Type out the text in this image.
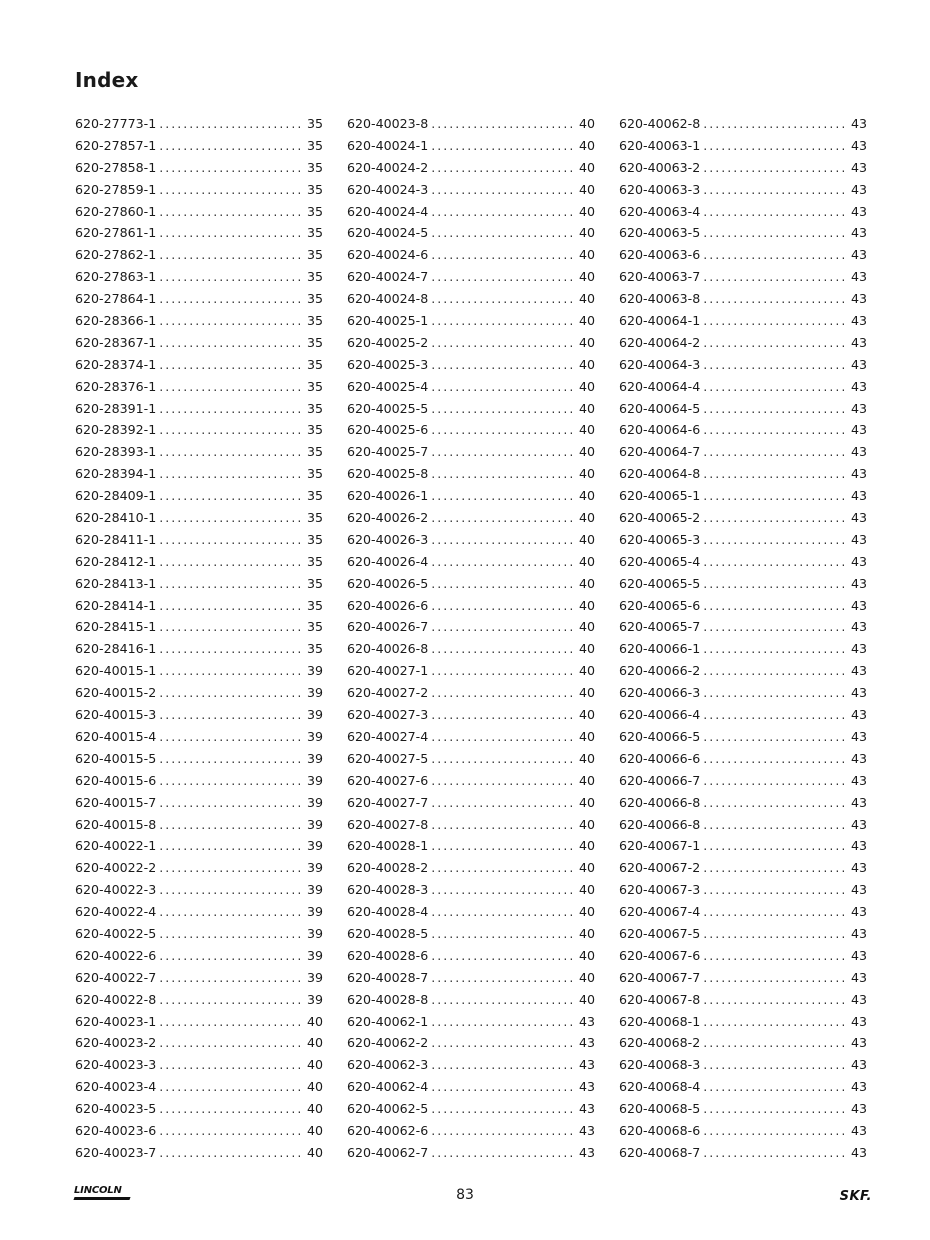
Index
620-27773-1 . . .	35
620-27857-1 . . .	35
620-27858-1 . . .	35
620-27859-1 . . .	35
620-27860-1 . . .	35
620-27861-1 . . .	35
620-27862-1 . . .	35
620-27863-1 . . .	35
620-27864-1 . . .	35
620-28366-1 . . .	35
620-28367-1 . . .	35
620-28374-1 . . .	35
620-28376-1 . . .	35
620-28391-1 . . .	35
620-28392-1 . . .	35
620-28393-1 . . .	35
620-28394-1 . . .	35
620-28409-1 . . .	35
620-28410-1 . . .	35
620-28411-1 . . .	35
620-28412-1 . . .	35
620-28413-1 . . .	35
620-28414-1 . . .	35
620-28415-1 . . .	35
620-28416-1 . . .	35
620-40015-1 . . .	39
620-40015-2 . . .	39
620-40015-3 . . .	39
620-40015-4 . . .	39
620-40015-5 . . .	39
620-40015-6 . . .	39
620-40015-7 . . .	39
620-40015-8 . . .	39
620-40022-1 . . .	39
620-40022-2 . . .	39
620-40022-3 . . .	39
620-40022-4 . . .	39
620-40022-5 . . .	39
620-40022-6 . . .	39
620-40022-7 . . .	39
620-40022-8 . . .	39
620-40023-1 . . .	40
620-40023-2 . . .	40
620-40023-3 . . .	40
620-40023-4 . . .	40
620-40023-5 . . .	40
620-40023-6 . . .	40
620-40023-7 . . .	40
620-40023-8 . . .	40
620-40024-1 . . .	40
620-40024-2 . . .	40
620-40024-3 . . .	40
620-40024-4 . . .	40
620-40024-5 . . .	40
620-40024-6 . . .	40
620-40024-7 . . .	40
620-40024-8 . . .	40
620-40025-1 . . .	40
620-40025-2 . . .	40
620-40025-3 . . .	40
620-40025-4 . . .	40
620-40025-5 . . .	40
620-40025-6 . . .	40
620-40025-7 . . .	40
620-40025-8 . . .	40
620-40026-1 . . .	40
620-40026-2 . . .	40
620-40026-3 . . .	40
620-40026-4 . . .	40
620-40026-5 . . .	40
620-40026-6 . . .	40
620-40026-7 . . .	40
620-40026-8 . . .	40
620-40027-1 . . .	40
620-40027-2 . . .	40
620-40027-3 . . .	40
620-40027-4 . . .	40
620-40027-5 . . .	40
620-40027-6 . . .	40
620-40027-7 . . .	40
620-40027-8 . . .	40
620-40028-1 . . .	40
620-40028-2 . . .	40
620-40028-3 . . .	40
620-40028-4 . . .	40
620-40028-5 . . .	40
620-40028-6 . . .	40
620-40028-7 . . .	40
620-40028-8 . . .	40
620-40062-1 . . .	43
620-40062-2 . . .	43
620-40062-3 . . .	43
620-40062-4 . . .	43
620-40062-5 . . .	43
620-40062-6 . . .	43
620-40062-7 . . .	43
620-40062-8 . . .	43
620-40063-1 . . .	43
620-40063-2 . . .	43
620-40063-3 . . .	43
620-40063-4 . . .	43
620-40063-5 . . .	43
620-40063-6 . . .	43
620-40063-7 . . .	43
620-40063-8 . . .	43
620-40064-1 . . .	43
620-40064-2 . . .	43
620-40064-3 . . .	43
620-40064-4 . . .	43
620-40064-5 . . .	43
620-40064-6 . . .	43
620-40064-7 . . .	43
620-40064-8 . . .	43
620-40065-1 . . .	43
620-40065-2 . . .	43
620-40065-3 . . .	43
620-40065-4 . . .	43
620-40065-5 . . .	43
620-40065-6 . . .	43
620-40065-7 . . .	43
620-40066-1 . . .	43
620-40066-2 . . .	43
620-40066-3 . . .	43
620-40066-4 . . .	43
620-40066-5 . . .	43
620-40066-6 . . .	43
620-40066-7 . . .	43
620-40066-8 . . .	43
620-40066-8 . . .	43
620-40067-1 . . .	43
620-40067-2 . . .	43
620-40067-3 . . .	43
620-40067-4 . . .	43
620-40067-5 . . .	43
620-40067-6 . . .	43
620-40067-7 . . .	43
620-40067-8 . . .	43
620-40068-1 . . .	43
620-40068-2 . . .	43
620-40068-3 . . .	43
620-40068-4 . . .	43
620-40068-5 . . .	43
620-40068-6 . . .	43
620-40068-7 . . .	43
LINCOLN	83	SKF.
